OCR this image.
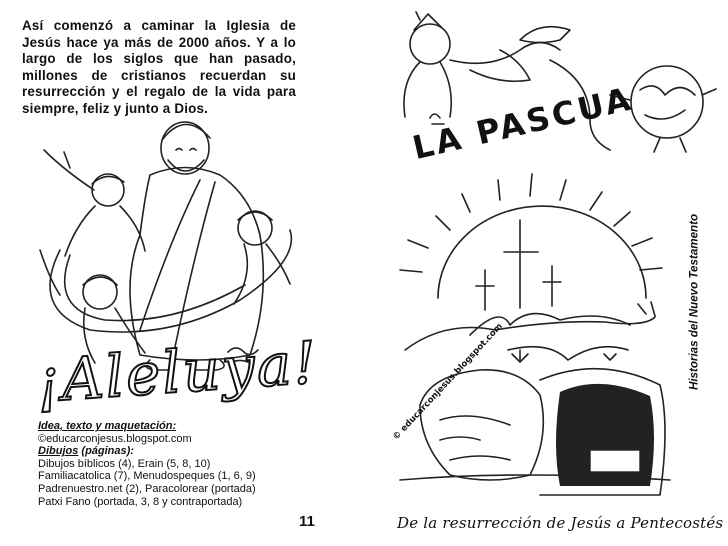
Así comenzó a caminar la Iglesia de Jesús hace ya más de 2000 años. Y a lo largo de los siglos que han pasado, millones de cristianos recuerdan su resurrección y el regalo de la vida para siempre, feliz y junto a Dios.
¡Aleluya!
Idea, texto y maquetación:
©educarconjesus.blogspot.com
Dibujos (páginas):
Dibujos bíblicos (4), Erain (5, 8, 10)
Familiacatolica (7), Menudospeques (1, 6, 9)
Padrenuestro.net (2), Paracolorear (portada)
Patxi Fano (portada, 3, 8 y contraportada)
11
LA PASCUA
Historias del Nuevo Testamento
© educarconjesus.blogspot.com
De la resurrección de Jesús a Pentecostés
